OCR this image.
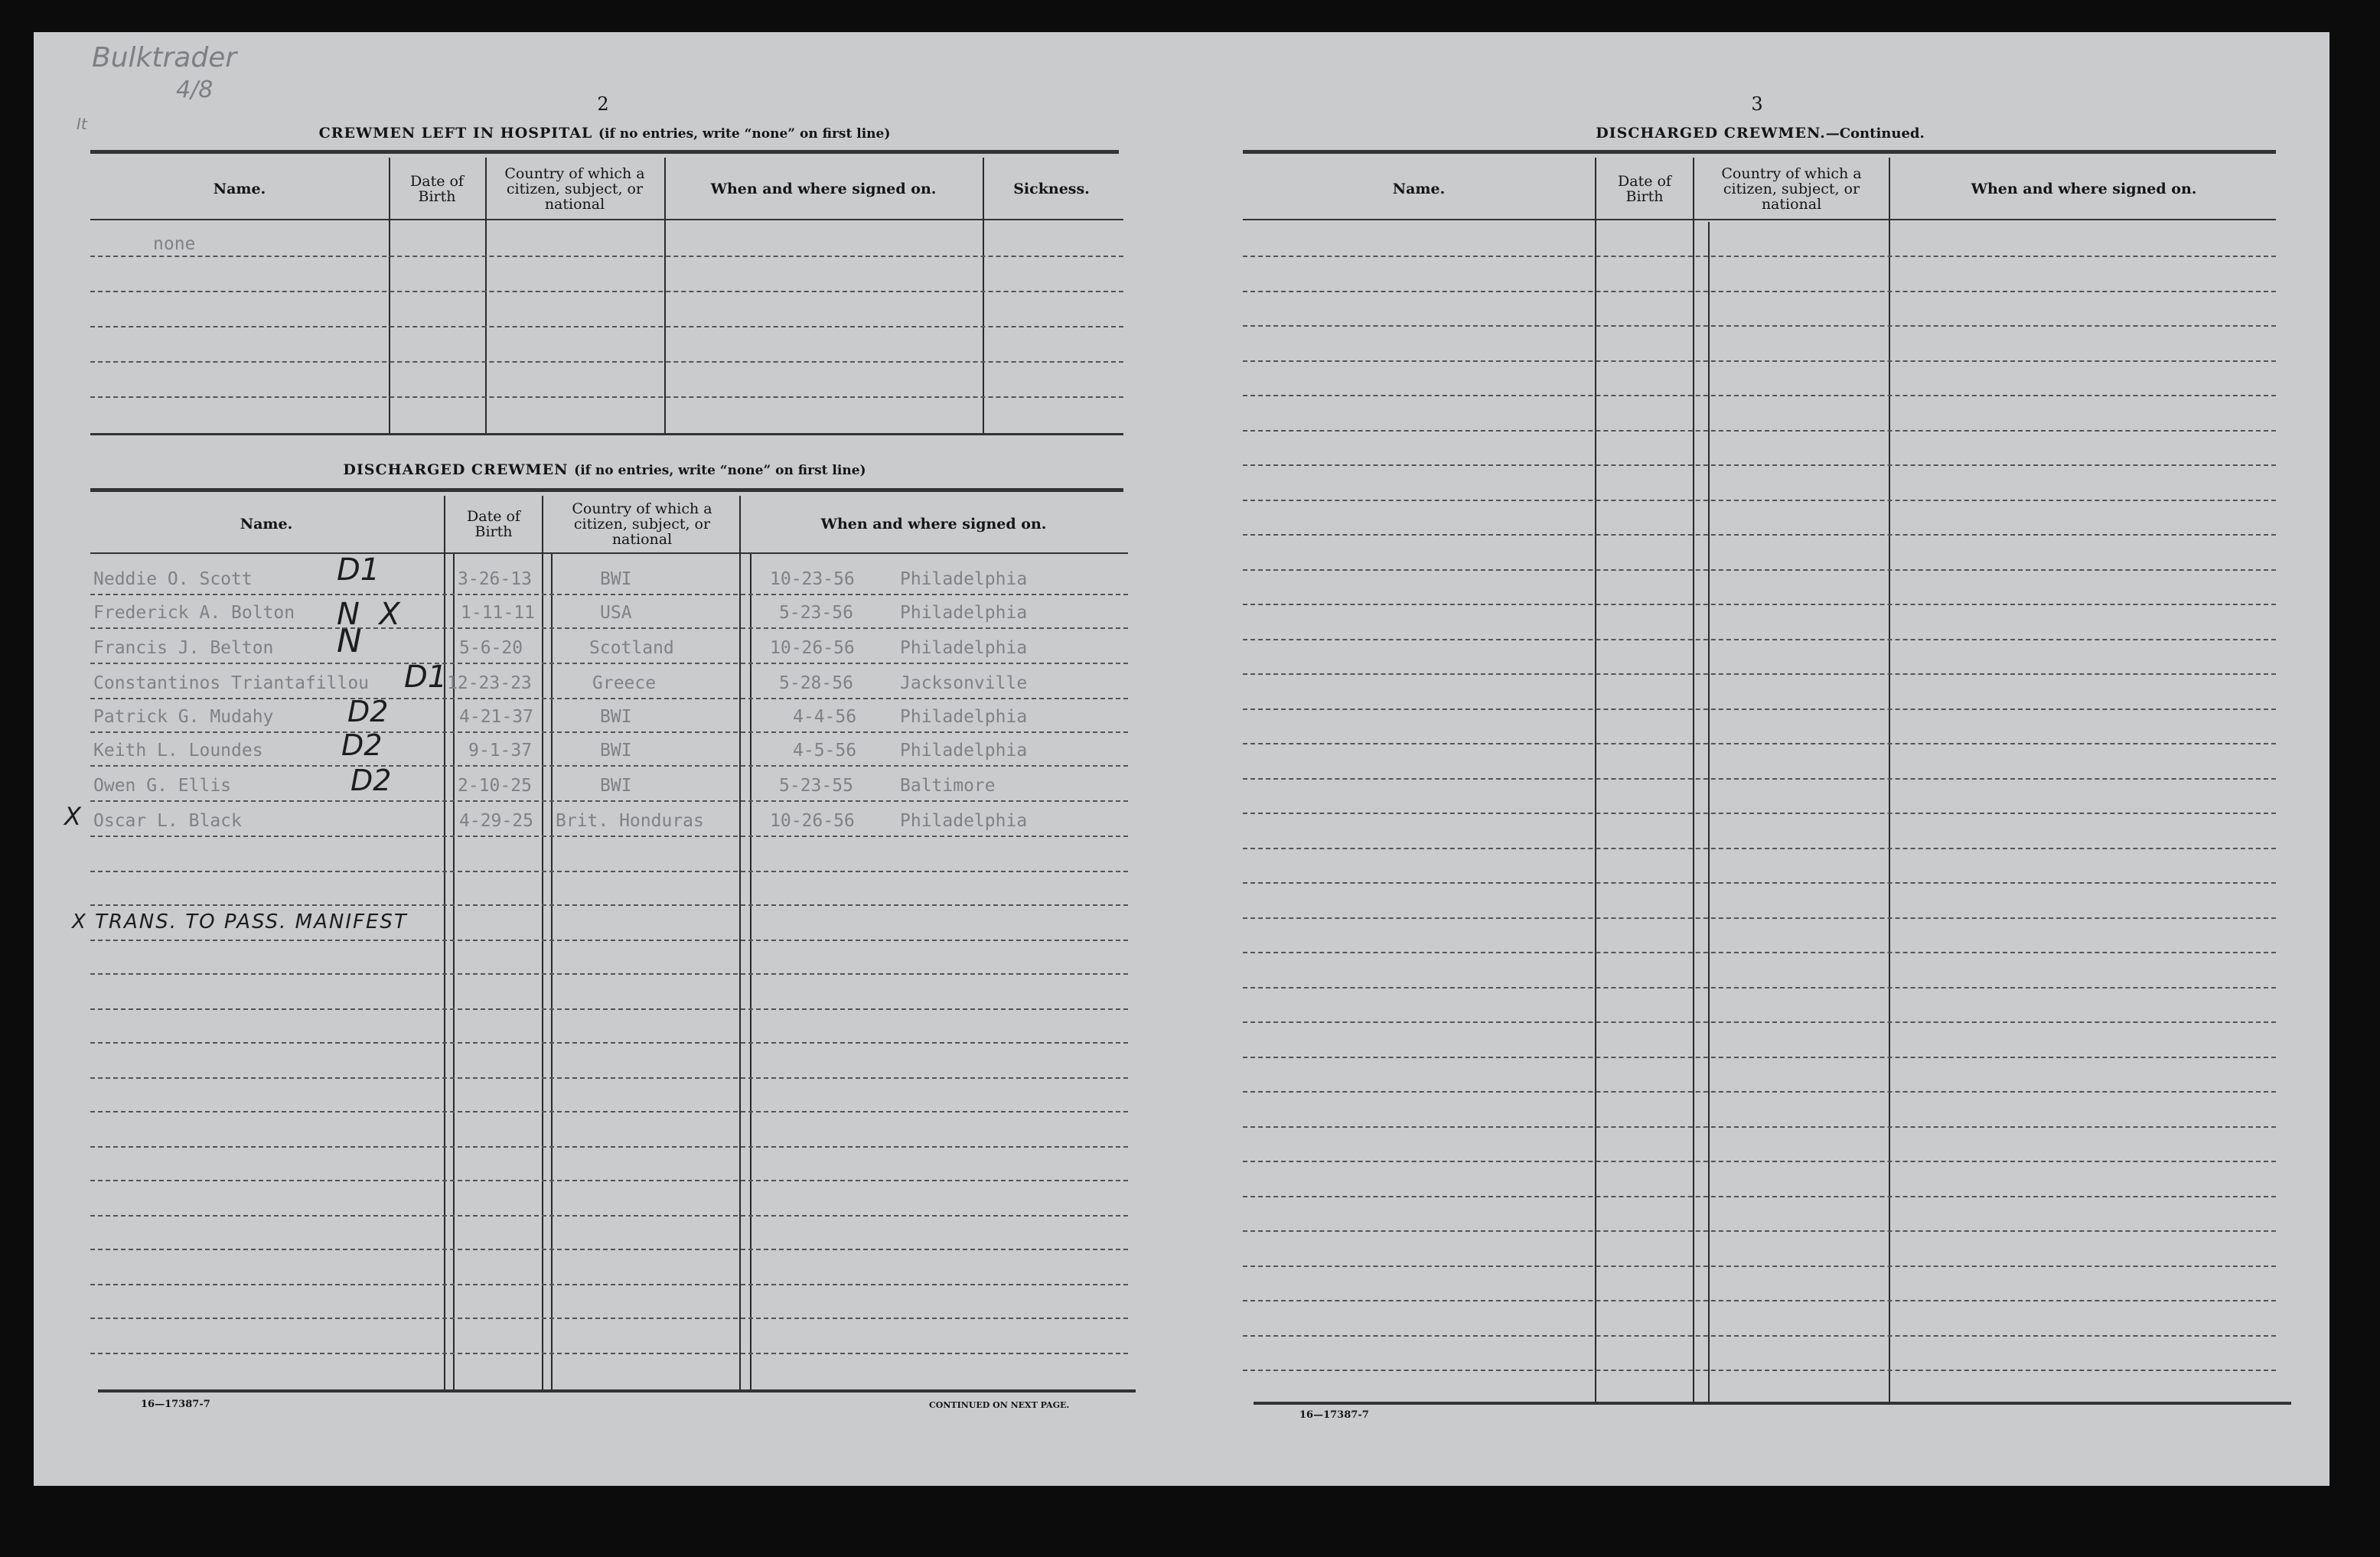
Bulktrader
4/8
It
2
CREWMEN LEFT IN HOSPITAL (if no entries, write “none” on first line)
Name.	Date of Birth
Country of which a citizen, subject, or national
When and where signed on.	Sickness.
none
DISCHARGED CREWMEN (if no entries, write “none” on first line)
Name.	Date of Birth
Country of which a citizen, subject, or national
When and where signed on.
Neddie O. Scott	D1	3-26-13	BWI	10-23-56	Philadelphia
Frederick A. Bolton N  X	1-11-11	USA	5-23-56	Philadelphia
Francis J. Belton N	5-6-20	Scotland	10-26-56	Philadelphia
Constantinos Triantafillou D1 12-23-23	Greece	5-28-56	Jacksonville
Patrick G. Mudahy	D2	4-21-37	BWI	4-4-56 Philadelphia
Keith L. Loundes	D2	9-1-37	BWI	4-5-56 Philadelphia
Owen G. Ellis	D2	2-10-25	BWI	5-23-55	Baltimore
X Oscar L. Black	4-29-25 Brit. Honduras	10-26-56	Philadelphia
X TRANS. TO PASS. MANIFEST
16—17387-7	CONTINUED ON NEXT PAGE.
3
DISCHARGED CREWMEN.—Continued.
Name.	Date of Birth
Country of which a citizen, subject, or national
When and where signed on.
16—17387-7
